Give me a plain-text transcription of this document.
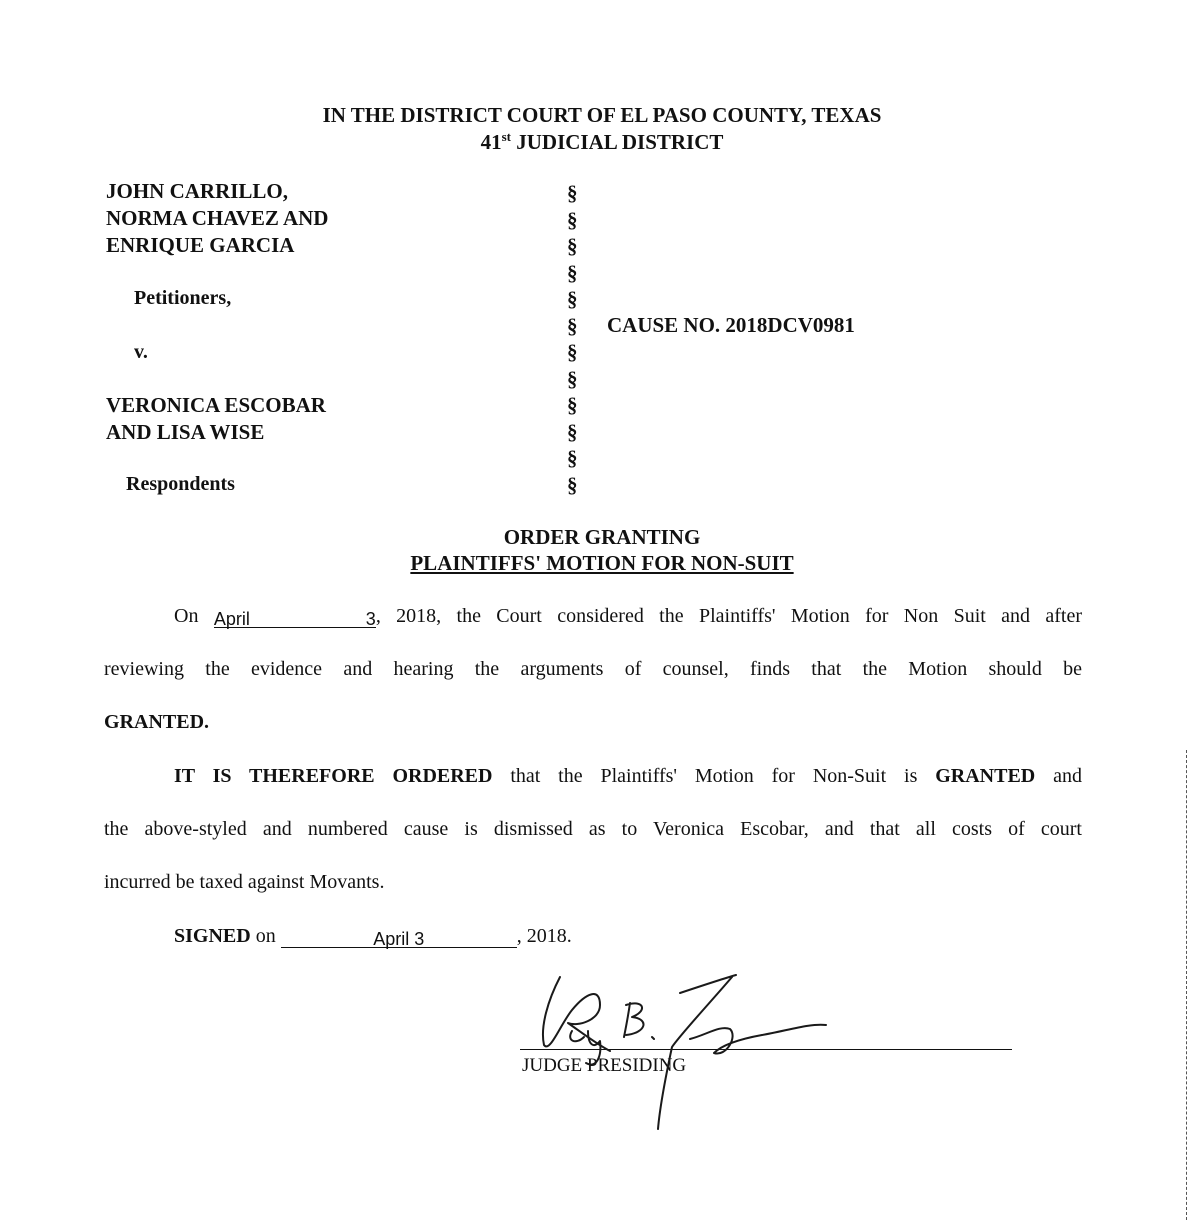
IN THE DISTRICT COURT OF EL PASO COUNTY, TEXAS
41st JUDICIAL DISTRICT
JOHN CARRILLO,
NORMA CHAVEZ AND
ENRIQUE GARCIA
Petitioners,
v.
VERONICA ESCOBAR
AND LISA WISE
Respondents
§
§
§
§
§
§
§
§
§
§
§
§
CAUSE NO. 2018DCV0981
ORDER GRANTING
PLAINTIFFS' MOTION FOR NON-SUIT
On April 3, 2018, the Court considered the Plaintiffs' Motion for Non Suit and after
reviewing the evidence and hearing the arguments of counsel, finds that the Motion should be
GRANTED.
IT IS THEREFORE ORDERED that the Plaintiffs' Motion for Non-Suit is GRANTED and
the above-styled and numbered cause is dismissed as to Veronica Escobar, and that all costs of court
incurred be taxed against Movants.
SIGNED on	April 3	, 2018.
JUDGE PRESIDING
